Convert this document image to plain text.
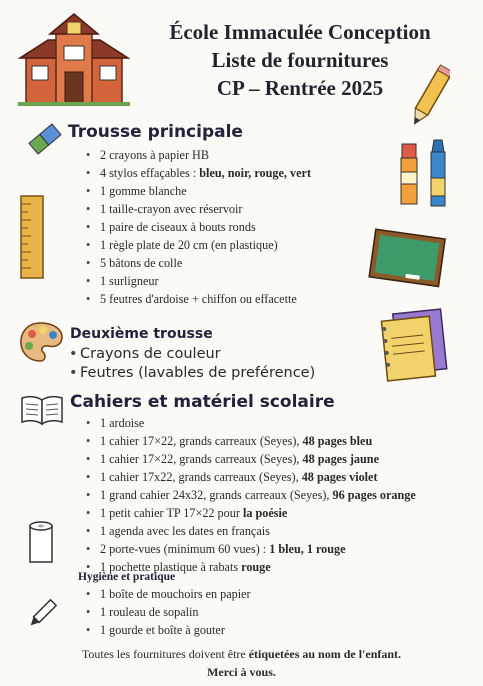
École Immaculée Conception
Liste de fournitures
CP – Rentrée 2025
Trousse principale
• 2 crayons à papier HB
• 4 stylos effaçables : bleu, noir, rouge, vert
• 1 gomme blanche
• 1 taille-crayon avec réservoir
• 1 paire de ciseaux à bouts ronds
• 1 règle plate de 20 cm (en plastique)
• 5 bâtons de colle
• 1 surligneur
• 5 feutres d'ardoise + chiffon ou effacette
Deuxième trousse
• Crayons de couleur
• Feutres (lavables de preférence)
Cahiers et matériel scolaire
• 1 ardoise
• 1 cahier 17×22, grands carreaux (Seyes), 48 pages bleu
• 1 cahier 17×22, grands carreaux (Seyes), 48 pages jaune
• 1 cahier 17x22, grands carreaux (Seyes), 48 pages violet
• 1 grand cahier 24x32, grands carreaux (Seyes), 96 pages orange
• 1 petit cahier TP 17×22 pour la poésie
• 1 agenda avec les dates en français
• 2 porte-vues (minimum 60 vues) : 1 bleu, 1 rouge
• 1 pochette plastique à rabats rouge
Hygiène et pratique
• 1 boîte de mouchoirs en papier
• 1 rouleau de sopalin
• 1 gourde et boîte à gouter
Toutes les fournitures doivent être étiquetées au nom de l'enfant.
Merci à vous.
